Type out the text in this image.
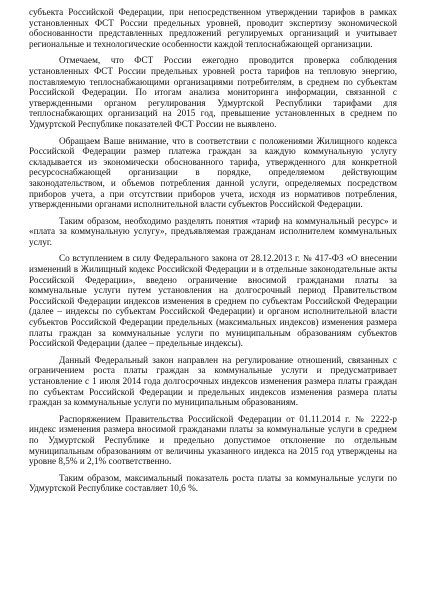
субъекта Российской Федерации, при непосредственном утверждении тарифов в рамках установленных ФСТ России предельных уровней, проводит экспертизу экономической обоснованности представленных предложений регулируемых организаций и учитывает региональные и технологические особенности каждой теплоснабжающей организации.

Отмечаем, что ФСТ России ежегодно проводится проверка соблюдения установленных ФСТ России предельных уровней роста тарифов на тепловую энергию, поставляемую теплоснабжающими организациями потребителям, в среднем по субъектам Российской Федерации. По итогам анализа мониторинга информации, связанной с утвержденными органом регулирования Удмуртской Республики тарифами для теплоснабжающих организаций на 2015 год, превышение установленных в среднем по Удмуртской Республике показателей ФСТ России не выявлено.

Обращаем Ваше внимание, что в соответствии с положениями Жилищного кодекса Российской Федерации размер платежа граждан за каждую коммунальную услугу складывается из экономически обоснованного тарифа, утвержденного для конкретной ресурсоснабжающей организации в порядке, определяемом действующим законодательством, и объемов потребления данной услуги, определяемых посредством приборов учета, а при отсутствии приборов учета, исходя из нормативов потребления, утвержденными органами исполнительной власти субъектов Российской Федерации.

Таким образом, необходимо разделять понятия «тариф на коммунальный ресурс» и «плата за коммунальную услугу», предъявляемая гражданам исполнителем коммунальных услуг.

Со вступлением в силу Федерального закона от 28.12.2013 г. № 417-ФЗ «О внесении изменений в Жилищный кодекс Российской Федерации и в отдельные законодательные акты Российской Федерации», введено ограничение вносимой гражданами платы за коммунальные услуги путем установления на долгосрочный период Правительством Российской Федерации индексов изменения в среднем по субъектам Российской Федерации (далее – индексы по субъектам Российской Федерации) и органом исполнительной власти субъектов Российской Федерации предельных (максимальных индексов) изменения размера платы граждан за коммунальные услуги по муниципальным образованиям субъектов Российской Федерации (далее – предельные индексы).

Данный Федеральный закон направлен на регулирование отношений, связанных с ограничением роста платы граждан за коммунальные услуги и предусматривает установление с 1 июля 2014 года долгосрочных индексов изменения размера платы граждан по субъектам Российской Федерации и предельных индексов изменения размера платы граждан за коммунальные услуги по муниципальным образованиям.

Распоряжением Правительства Российской Федерации от 01.11.2014 г. № 2222-р индекс изменения размера вносимой гражданами платы за коммунальные услуги в среднем по Удмуртской Республике и предельно допустимое отклонение по отдельным муниципальным образованиям от величины указанного индекса на 2015 год утверждены на уровне 8,5% и 2,1% соответственно.

Таким образом, максимальный показатель роста платы за коммунальные услуги по Удмуртской Республике составляет 10,6 %.
